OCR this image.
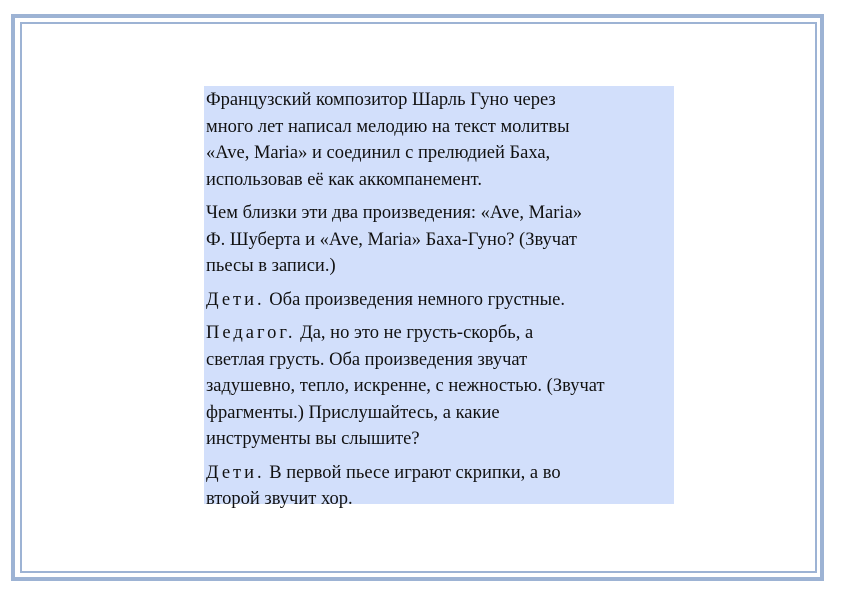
Французский композитор Шарль Гуно через
много лет написал мелодию на текст молитвы
«Ave, Maria» и соединил с прелюдией Баха,
использовав её как аккомпанемент.
Чем близки эти два произведения: «Ave, Maria»
Ф. Шуберта и «Ave, Maria» Баха-Гуно? (Звучат
пьесы в записи.)
Дети. Оба произведения немного грустные.
Педагог. Да, но это не грусть-скорбь, а
светлая грусть. Оба произведения звучат
задушевно, тепло, искренне, с нежностью. (Звучат
фрагменты.) Прислушайтесь, а какие
инструменты вы слышите?
Дети. В первой пьесе играют скрипки, а во
второй звучит хор.
